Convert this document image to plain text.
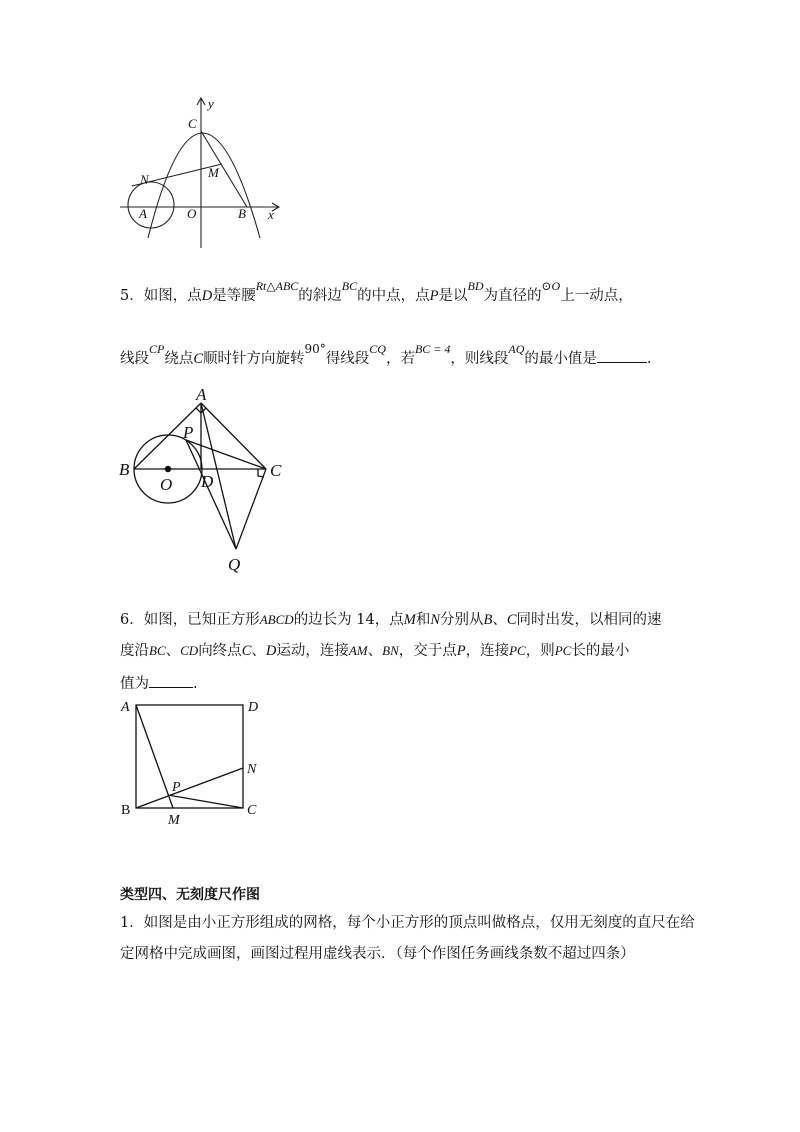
y
C
N	M
A	O	B x
5．如图，点D是等腰$^{Rt\triangle ABC}$的斜边$^{BC}$的中点，点P是以$^{BD}$为直径的$^{⊙O}$上一动点，
线段$^{CP}$绕点C顺时针方向旋转$^{90^\circ}$得线段$^{CQ}$，若$^{BC = 4}$，则线段$^{AQ}$的最小值是	.
A
P
B
O D
C
Q
6．如图，已知正方形ABCD的边长为 14，点M和N分别从B、C同时出发，以相同的速
度沿BC、CD向终点C、D运动，连接AM、BN，交于点P，连接PC，则PC长的最小
值为	.
A	D
N
P
B
M
C
类型四、无刻度尺作图
1．如图是由小正方形组成的网格，每个小正方形的顶点叫做格点，仅用无刻度的直尺在给
定网格中完成画图，画图过程用虚线表示．（每个作图任务画线条数不超过四条）
